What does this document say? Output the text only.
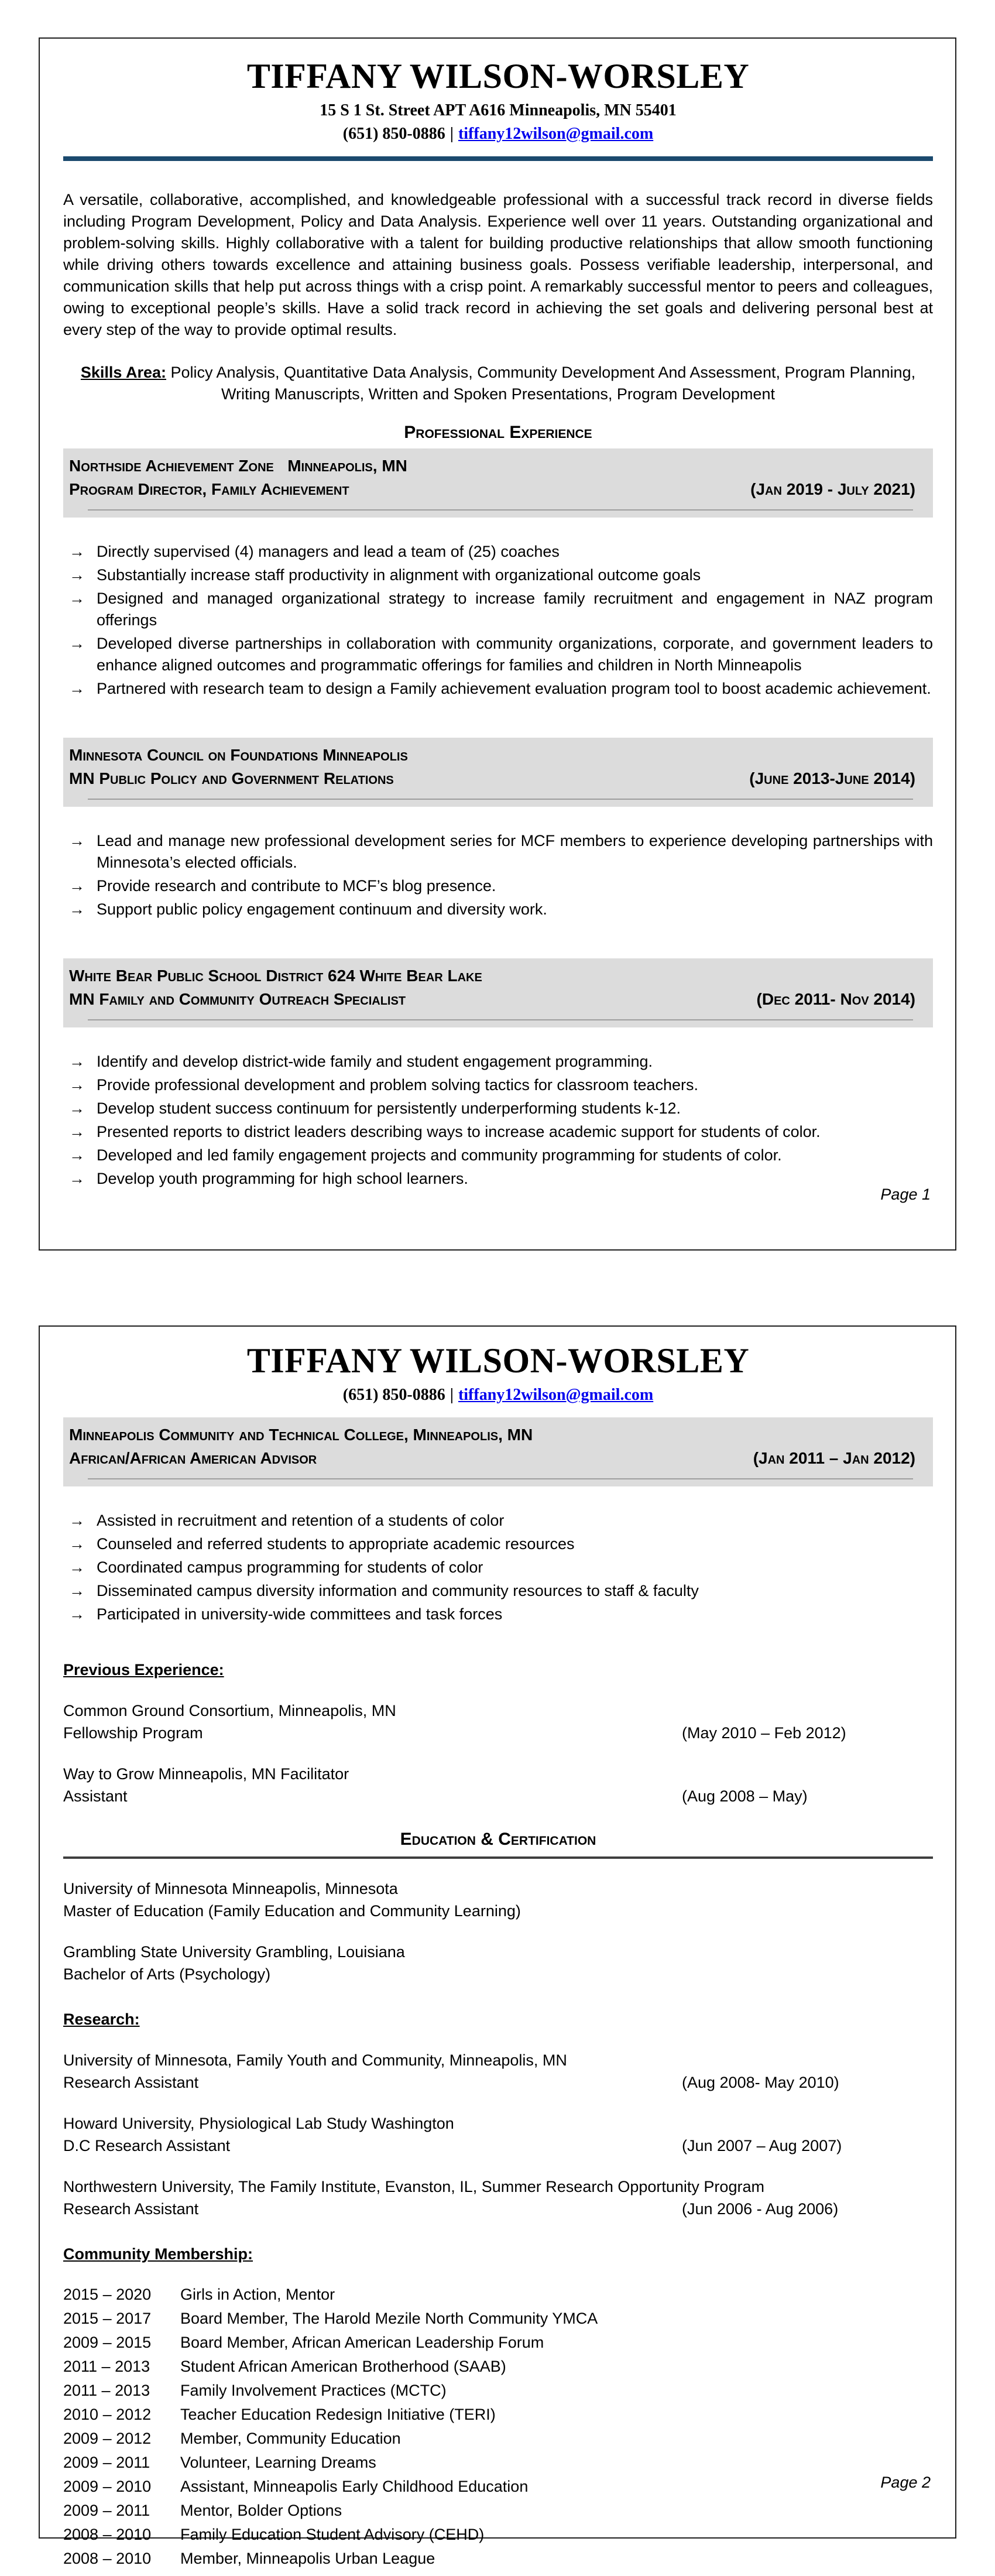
TIFFANY WILSON-WORSLEY
15 S 1 St. Street APT A616 Minneapolis, MN 55401
(651) 850-0886 | tiffany12wilson@gmail.com
A versatile, collaborative, accomplished, and knowledgeable professional with a successful track record in diverse fields including Program Development, Policy and Data Analysis. Experience well over 11 years. Outstanding organizational and problem-solving skills. Highly collaborative with a talent for building productive relationships that allow smooth functioning while driving others towards excellence and attaining business goals. Possess verifiable leadership, interpersonal, and communication skills that help put across things with a crisp point. A remarkably successful mentor to peers and colleagues, owing to exceptional people’s skills. Have a solid track record in achieving the set goals and delivering personal best at every step of the way to provide optimal results.
Skills Area: Policy Analysis, Quantitative Data Analysis, Community Development And Assessment, Program Planning, Writing Manuscripts, Written and Spoken Presentations, Program Development
Professional Experience
Northside Achievement Zone   Minneapolis, MN
Program Director, Family Achievement	(Jan 2019 - July 2021)
→ Directly supervised (4) managers and lead a team of (25) coaches
→ Substantially increase staff productivity in alignment with organizational outcome goals
→ Designed and managed organizational strategy to increase family recruitment and engagement in NAZ program offerings
→ Developed diverse partnerships in collaboration with community organizations, corporate, and government leaders to enhance aligned outcomes and programmatic offerings for families and children in North Minneapolis
→ Partnered with research team to design a Family achievement evaluation program tool to boost academic achievement.
Minnesota Council on Foundations Minneapolis
MN Public Policy and Government Relations	(June 2013-June 2014)
→ Lead and manage new professional development series for MCF members to experience developing partnerships with Minnesota’s elected officials.
→ Provide research and contribute to MCF’s blog presence.
→ Support public policy engagement continuum and diversity work.
White Bear Public School District 624 White Bear Lake
MN Family and Community Outreach Specialist	(Dec 2011- Nov 2014)
→ Identify and develop district-wide family and student engagement programming.
→ Provide professional development and problem solving tactics for classroom teachers.
→ Develop student success continuum for persistently underperforming students k-12.
→ Presented reports to district leaders describing ways to increase academic support for students of color.
→ Developed and led family engagement projects and community programming for students of color.
→ Develop youth programming for high school learners.
Page 1
TIFFANY WILSON-WORSLEY
(651) 850-0886 | tiffany12wilson@gmail.com
Minneapolis Community and Technical College, Minneapolis, MN
African/African American Advisor	(Jan 2011 – Jan 2012)
→ Assisted in recruitment and retention of a students of color
→ Counseled and referred students to appropriate academic resources
→ Coordinated campus programming for students of color
→ Disseminated campus diversity information and community resources to staff & faculty
→ Participated in university-wide committees and task forces
Previous Experience:
Common Ground Consortium, Minneapolis, MN
Fellowship Program	(May 2010 – Feb 2012)
Way to Grow Minneapolis, MN Facilitator
Assistant	(Aug 2008 – May)
Education & Certification
University of Minnesota Minneapolis, Minnesota
Master of Education (Family Education and Community Learning)
Grambling State University Grambling, Louisiana
Bachelor of Arts (Psychology)
Research:
University of Minnesota, Family Youth and Community, Minneapolis, MN
Research Assistant	(Aug 2008- May 2010)
Howard University, Physiological Lab Study Washington
D.C Research Assistant	(Jun 2007 – Aug 2007)
Northwestern University, The Family Institute, Evanston, IL, Summer Research Opportunity Program
Research Assistant	(Jun 2006 - Aug 2006)
Community Membership:
2015 – 2020	Girls in Action, Mentor
2015 – 2017	Board Member, The Harold Mezile North Community YMCA
2009 – 2015	Board Member, African American Leadership Forum
2011 – 2013	Student African American Brotherhood (SAAB)
2011 – 2013	Family Involvement Practices (MCTC)
2010 – 2012	Teacher Education Redesign Initiative (TERI)
2009 – 2012	Member, Community Education
2009 – 2011	Volunteer, Learning Dreams
2009 – 2010	Assistant, Minneapolis Early Childhood Education
2009 – 2011	Mentor, Bolder Options
2008 – 2010	Family Education Student Advisory (CEHD)
2008 – 2010	Member, Minneapolis Urban League
Page 2
